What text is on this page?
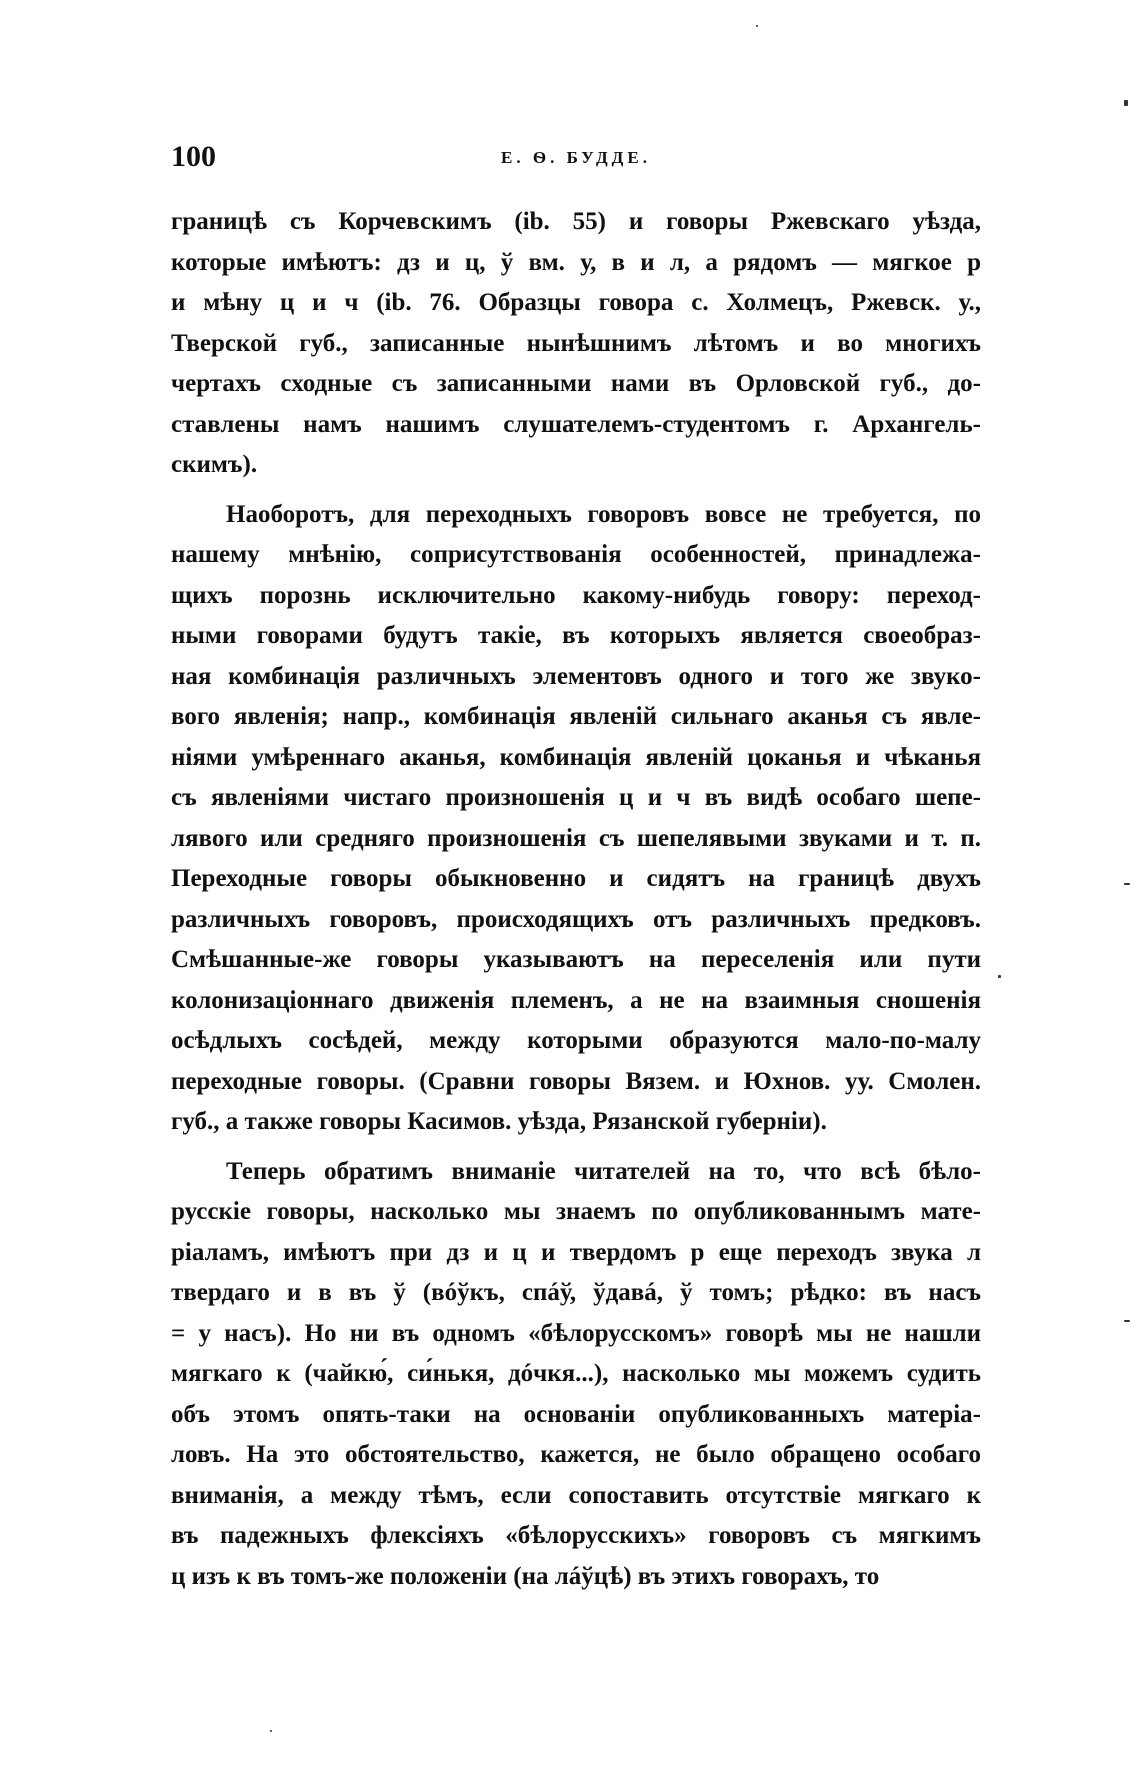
100	Е. Ѳ. БУДДЕ.
границѣ съ Корчевскимъ (ib. 55) и говоры Ржевскаго уѣзда,
которые имѣютъ: дз и ц, ў вм. у, в и л, а рядомъ — мягкое р
и мѣну ц и ч (ib. 76. Образцы говора с. Холмецъ, Ржевск. у.,
Тверской губ., записанные нынѣшнимъ лѣтомъ и во многихъ
чертахъ сходные съ записанными нами въ Орловской губ., до-
ставлены намъ нашимъ слушателемъ-студентомъ г. Архангель-
скимъ).
Наоборотъ, для переходныхъ говоровъ вовсе не требуется, по
нашему мнѣнію, соприсутствованія особенностей, принадлежа-
щихъ порознь исключительно какому-нибудь говору: переход-
ными говорами будутъ такіе, въ которыхъ является своеобраз-
ная комбинація различныхъ элементовъ одного и того же звуко-
вого явленія; напр., комбинація явленій сильнаго аканья съ явле-
ніями умѣреннаго аканья, комбинація явленій цоканья и чѣканья
съ явленіями чистаго произношенія ц и ч въ видѣ особаго шепе-
лявого или средняго произношенія съ шепелявыми звуками и т. п.
Переходные говоры обыкновенно и сидятъ на границѣ двухъ
различныхъ говоровъ, происходящихъ отъ различныхъ предковъ.
Смѣшанные-же говоры указываютъ на переселенія или пути
колонизаціоннаго движенія племенъ, а не на взаимныя сношенія
осѣдлыхъ сосѣдей, между которыми образуются мало-по-малу
переходные говоры. (Сравни говоры Вязем. и Юхнов. уу. Смолен.
губ., а также говоры Касимов. уѣзда, Рязанской губерніи).
Теперь обратимъ вниманіе читателей на то, что всѣ бѣло-
русскіе говоры, насколько мы знаемъ по опубликованнымъ мате-
ріаламъ, имѣютъ при дз и ц и твердомъ р еще переходъ звука л
твердаго и в въ ў (вóўкъ, спáў, ўдавá, ў томъ; рѣдко: въ насъ
= у насъ). Но ни въ одномъ «бѣлорусскомъ» говорѣ мы не нашли
мягкаго к (чайкю́, си́нькя, дóчкя...), насколько мы можемъ судить
объ этомъ опять-таки на основаніи опубликованныхъ матеріа-
ловъ. На это обстоятельство, кажется, не было обращено особаго
вниманія, а между тѣмъ, если сопоставить отсутствіе мягкаго к
въ падежныхъ флексіяхъ «бѣлорусскихъ» говоровъ съ мягкимъ
ц изъ к въ томъ-же положеніи (на лáўцѣ) въ этихъ говорахъ, то
